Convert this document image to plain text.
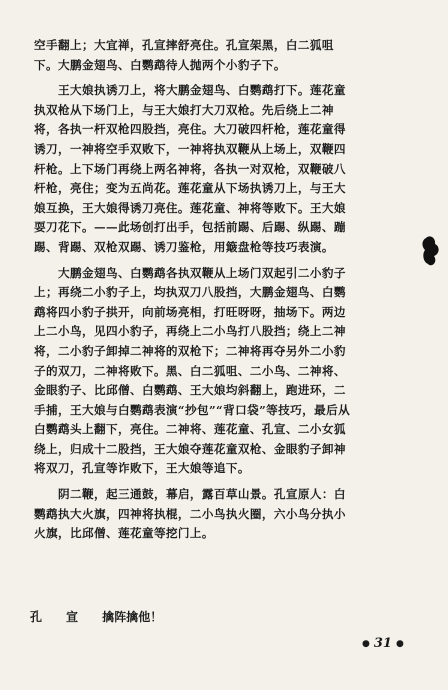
空手翻上；大宜禅，孔宣摔舒亮住。孔宣架黑，白二狐咀
下。大鹏金翅鸟、白鹦鹉待人抛两个小豹子下。
王大娘执诱刀上，将大鹏金翅鸟、白鹦鹉打下。莲花童
执双枪从下场门上，与王大娘打大刀双枪。先后绕上二神
将，各执一杆双枪四股挡，亮住。大刀破四杆枪，莲花童得
诱刀，一神将空手双败下，一神将执双鞭从上场上，双鞭四
杆枪。上下场门再绕上两名神将，各执一对双枪，双鞭破八
杆枪，亮住；变为五尚花。莲花童从下场执诱刀上，与王大
娘互换，王大娘得诱刀亮住。莲花童、神将等败下。王大娘
耍刀花下。——此场创打出手，包括前踢、后踢、纵踢、蹦
踢、背踢、双枪双踢、诱刀鉴枪，用簸盘枪等技巧表演。
大鹏金翅鸟、白鹦鹉各执双鞭从上场门双起引二小豹子
上；再绕二小豹子上，均执双刀八股挡，大鹏金翅鸟、白鹦
鹉将四小豹子拱开，向前场亮相，打旺呀呀，抽场下。两边
上二小鸟，见四小豹子，再绕上二小鸟打八股挡；绕上二神
将，二小豹子卸掉二神将的双枪下；二神将再夺另外二小豹
子的双刀，二神将败下。黑、白二狐咀、二小鸟、二神将、
金眼豹子、比邱僧、白鹦鹉、王大娘均斜翻上，跑进环，二
手捕，王大娘与白鹦鹉表演“抄包”“背口袋”等技巧，最后从
白鹦鹉头上翻下，亮住。二神将、莲花童、孔宣、二小女狐
绕上，归成十二股挡，王大娘夺莲花童双枪、金眼豹子卸神
将双刀，孔宣等诈败下，王大娘等追下。
阴二鞭，起三通鼓，幕启，露百草山景。孔宣原人：白
鹦鹉执大火旗，四神将执棍，二小鸟执火圈，六小鸟分执小
火旗，比邱僧、莲花童等挖门上。
孔　宣 擒阵擒他！
● 31 ●
